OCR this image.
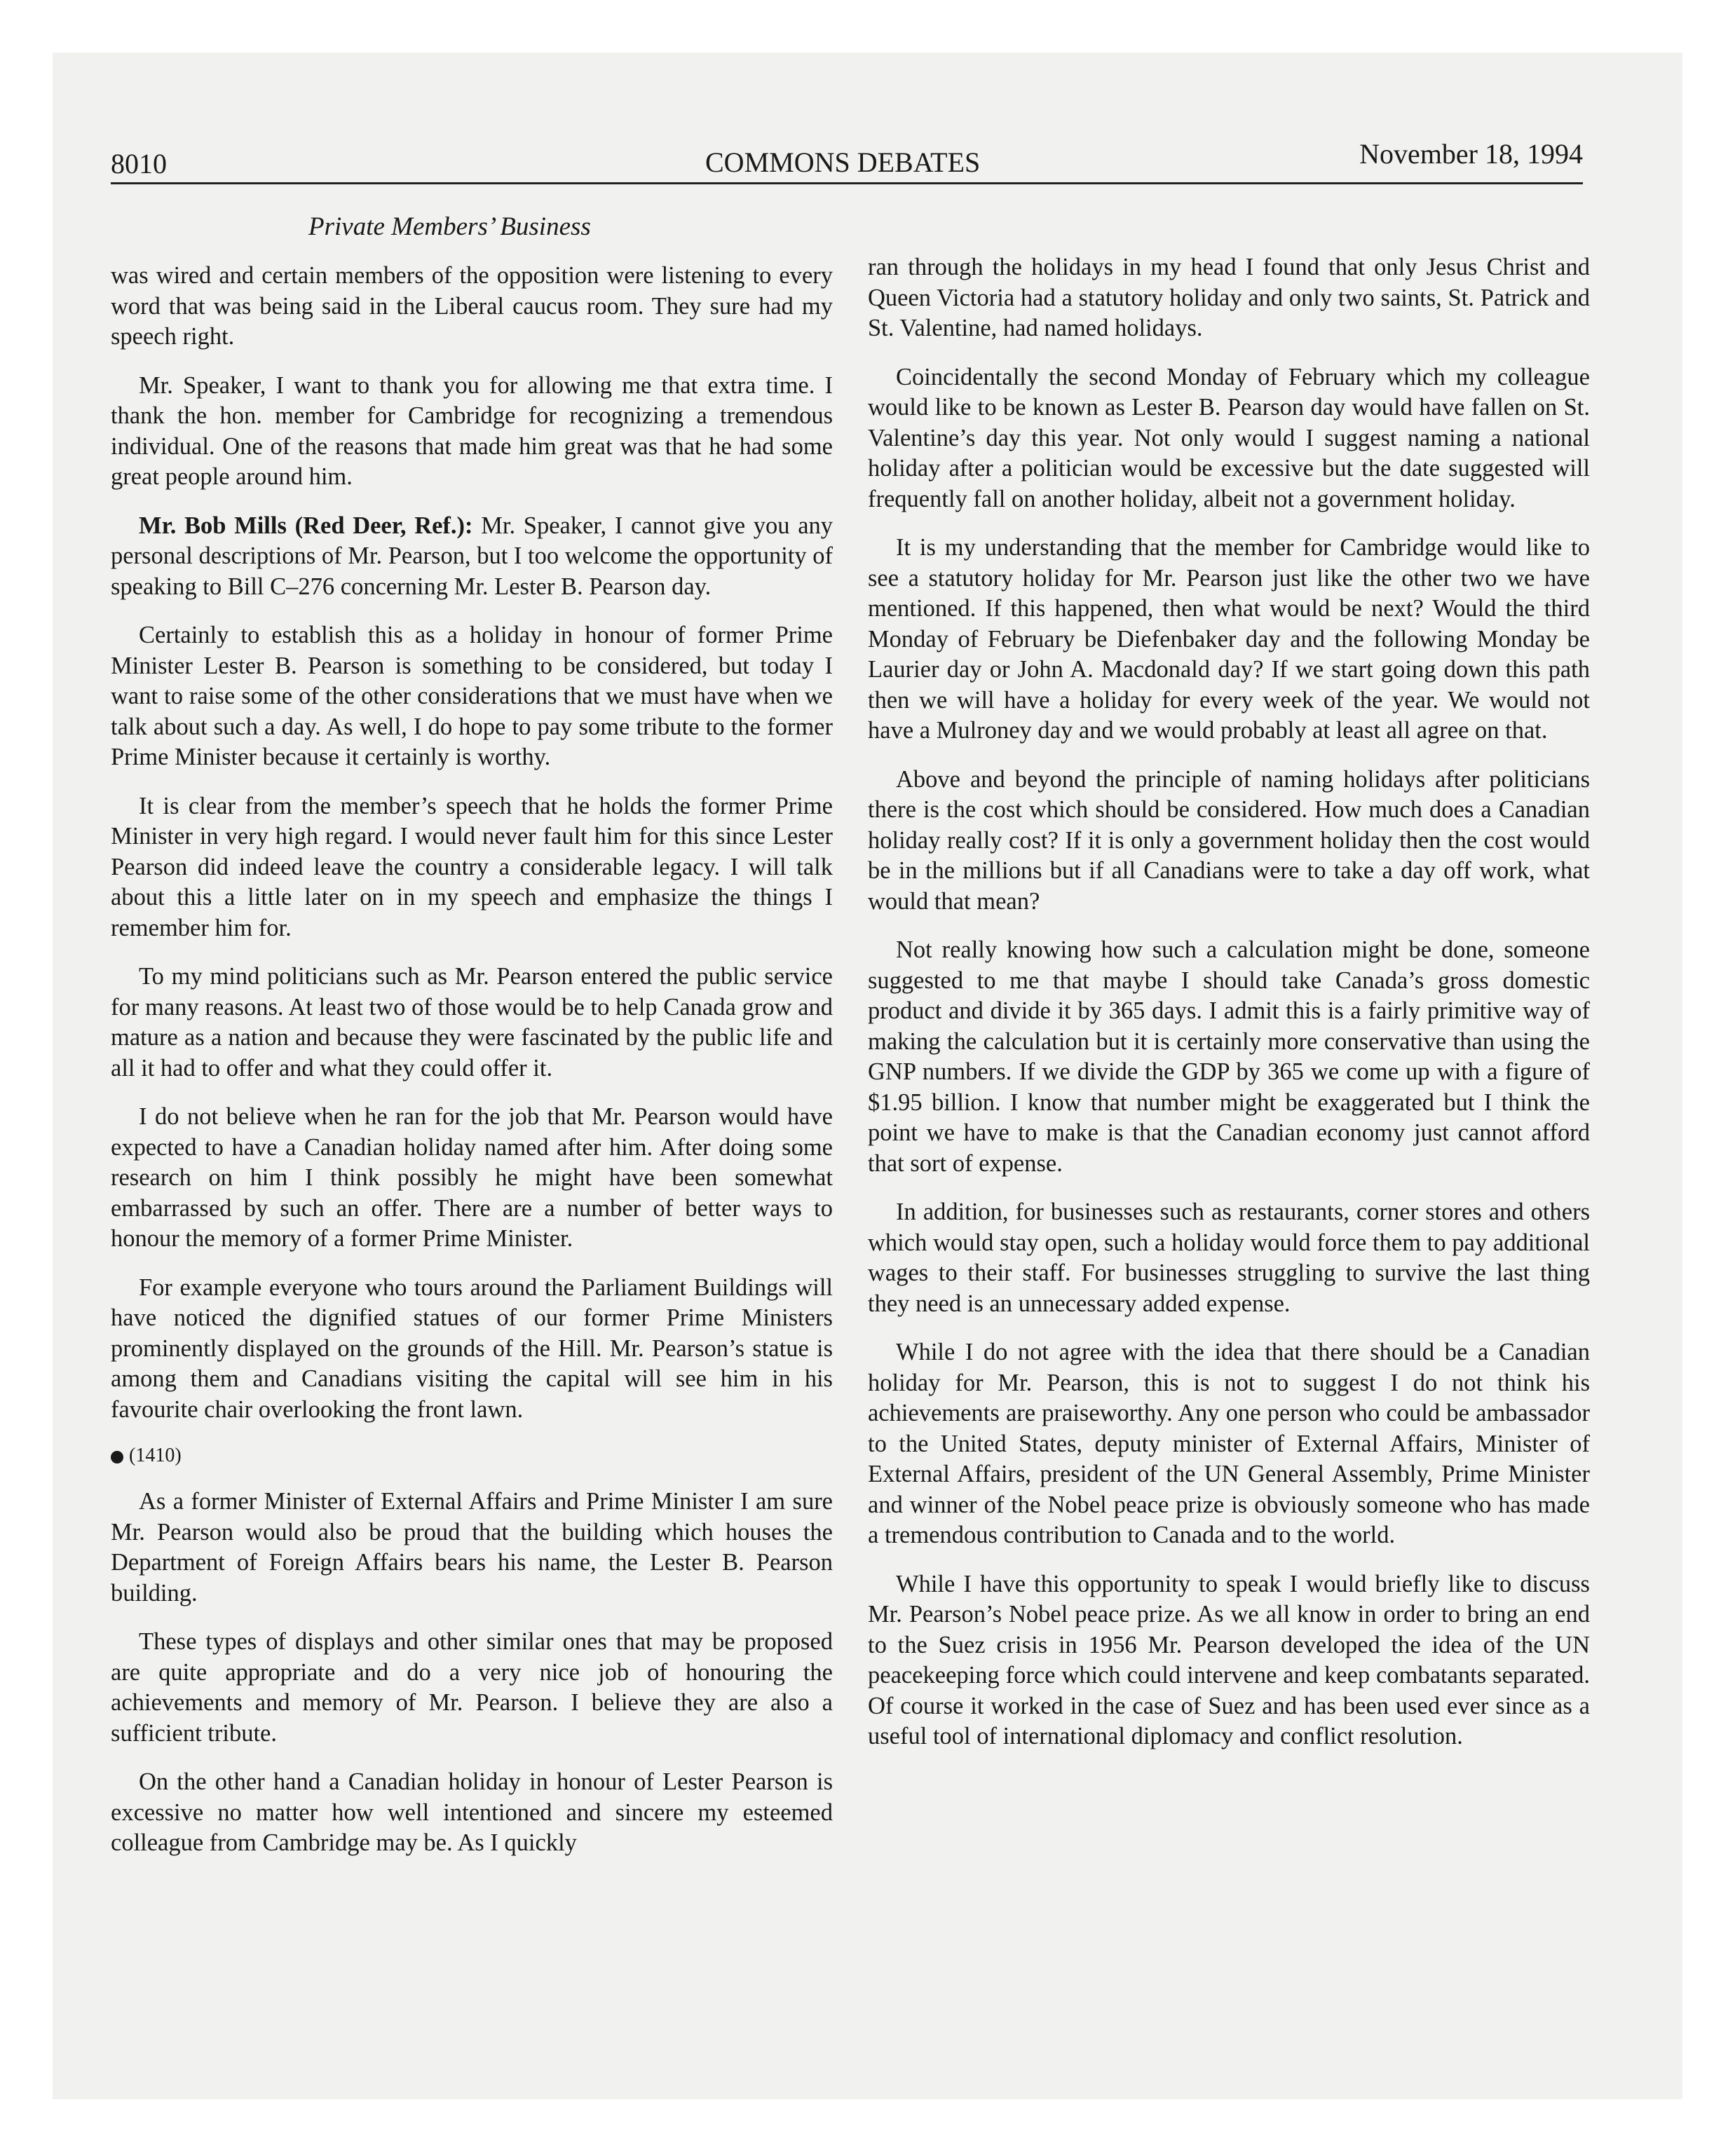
8010	COMMONS DEBATES	November 18, 1994
Private Members’ Business

was wired and certain members of the opposition were listening to every word that was being said in the Liberal caucus room. They sure had my speech right.

Mr. Speaker, I want to thank you for allowing me that extra time. I thank the hon. member for Cambridge for recognizing a tremendous individual. One of the reasons that made him great was that he had some great people around him.

Mr. Bob Mills (Red Deer, Ref.): Mr. Speaker, I cannot give you any personal descriptions of Mr. Pearson, but I too welcome the opportunity of speaking to Bill C–276 concerning Mr. Lester B. Pearson day.

Certainly to establish this as a holiday in honour of former Prime Minister Lester B. Pearson is something to be considered, but today I want to raise some of the other considerations that we must have when we talk about such a day. As well, I do hope to pay some tribute to the former Prime Minister because it certainly is worthy.

It is clear from the member’s speech that he holds the former Prime Minister in very high regard. I would never fault him for this since Lester Pearson did indeed leave the country a considerable legacy. I will talk about this a little later on in my speech and emphasize the things I remember him for.

To my mind politicians such as Mr. Pearson entered the public service for many reasons. At least two of those would be to help Canada grow and mature as a nation and because they were fascinated by the public life and all it had to offer and what they could offer it.

I do not believe when he ran for the job that Mr. Pearson would have expected to have a Canadian holiday named after him. After doing some research on him I think possibly he might have been somewhat embarrassed by such an offer. There are a number of better ways to honour the memory of a former Prime Minister.

For example everyone who tours around the Parliament Buildings will have noticed the dignified statues of our former Prime Ministers prominently displayed on the grounds of the Hill. Mr. Pearson’s statue is among them and Canadians visiting the capital will see him in his favourite chair overlooking the front lawn.

(1410)

As a former Minister of External Affairs and Prime Minister I am sure Mr. Pearson would also be proud that the building which houses the Department of Foreign Affairs bears his name, the Lester B. Pearson building.

These types of displays and other similar ones that may be proposed are quite appropriate and do a very nice job of honouring the achievements and memory of Mr. Pearson. I believe they are also a sufficient tribute.

On the other hand a Canadian holiday in honour of Lester Pearson is excessive no matter how well intentioned and sincere my esteemed colleague from Cambridge may be. As I quickly

ran through the holidays in my head I found that only Jesus Christ and Queen Victoria had a statutory holiday and only two saints, St. Patrick and St. Valentine, had named holidays.

Coincidentally the second Monday of February which my colleague would like to be known as Lester B. Pearson day would have fallen on St. Valentine’s day this year. Not only would I suggest naming a national holiday after a politician would be excessive but the date suggested will frequently fall on another holiday, albeit not a government holiday.

It is my understanding that the member for Cambridge would like to see a statutory holiday for Mr. Pearson just like the other two we have mentioned. If this happened, then what would be next? Would the third Monday of February be Diefenbaker day and the following Monday be Laurier day or John A. Macdonald day? If we start going down this path then we will have a holiday for every week of the year. We would not have a Mulroney day and we would probably at least all agree on that.

Above and beyond the principle of naming holidays after politicians there is the cost which should be considered. How much does a Canadian holiday really cost? If it is only a government holiday then the cost would be in the millions but if all Canadians were to take a day off work, what would that mean?

Not really knowing how such a calculation might be done, someone suggested to me that maybe I should take Canada’s gross domestic product and divide it by 365 days. I admit this is a fairly primitive way of making the calculation but it is certainly more conservative than using the GNP numbers. If we divide the GDP by 365 we come up with a figure of $1.95 billion. I know that number might be exaggerated but I think the point we have to make is that the Canadian economy just cannot afford that sort of expense.

In addition, for businesses such as restaurants, corner stores and others which would stay open, such a holiday would force them to pay additional wages to their staff. For businesses struggling to survive the last thing they need is an unnecessary added expense.

While I do not agree with the idea that there should be a Canadian holiday for Mr. Pearson, this is not to suggest I do not think his achievements are praiseworthy. Any one person who could be ambassador to the United States, deputy minister of External Affairs, Minister of External Affairs, president of the UN General Assembly, Prime Minister and winner of the Nobel peace prize is obviously someone who has made a tremendous contribution to Canada and to the world.

While I have this opportunity to speak I would briefly like to discuss Mr. Pearson’s Nobel peace prize. As we all know in order to bring an end to the Suez crisis in 1956 Mr. Pearson developed the idea of the UN peacekeeping force which could intervene and keep combatants separated. Of course it worked in the case of Suez and has been used ever since as a useful tool of international diplomacy and conflict resolution.
